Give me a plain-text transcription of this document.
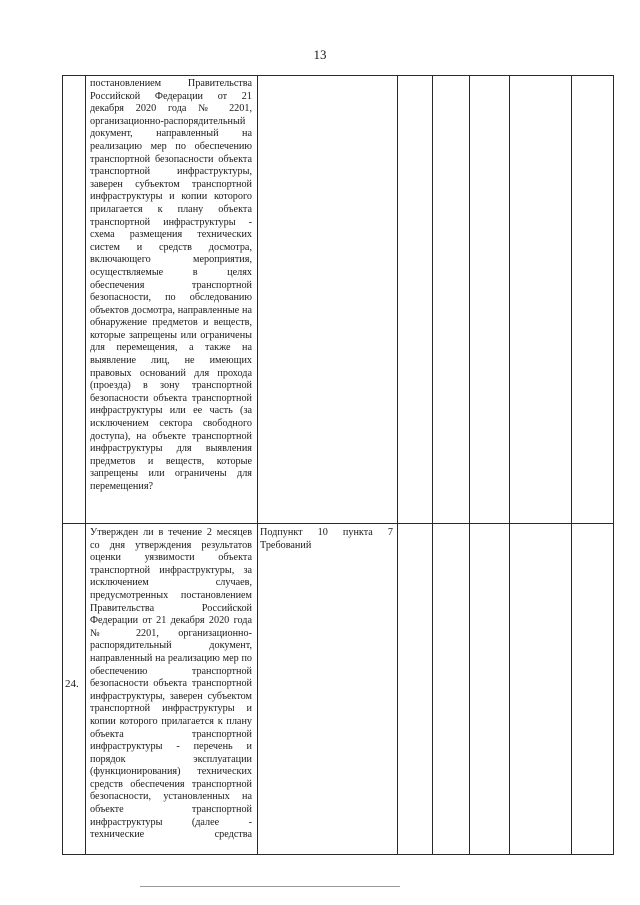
13
постановлением Правительства Российской Федерации от 21 декабря 2020 года № 2201, организационно-распорядительный документ, направленный на реализацию мер по обеспечению транспортной безопасности объекта транспортной инфраструктуры, заверен субъектом транспортной инфраструктуры и копии которого прилагается к плану объекта транспортной инфраструктуры - схема размещения технических систем и средств досмотра, включающего мероприятия, осуществляемые в целях обеспечения транспортной безопасности, по обследованию объектов досмотра, направленные на обнаружение предметов и веществ, которые запрещены или ограничены для перемещения, а также на выявление лиц, не имеющих правовых оснований для прохода (проезда) в зону транспортной безопасности объекта транспортной инфраструктуры или ее часть (за исключением сектора свободного доступа), на объекте транспортной инфраструктуры для выявления предметов и веществ, которые запрещены или ограничены для перемещения?
24.
Утвержден ли в течение 2 месяцев со дня утверждения результатов оценки уязвимости объекта транспортной инфраструктуры, за исключением случаев, предусмотренных постановлением Правительства Российской Федерации от 21 декабря 2020 года № 2201, организационно-распорядительный документ, направленный на реализацию мер по обеспечению транспортной безопасности объекта транспортной инфраструктуры, заверен субъектом транспортной инфраструктуры и копии которого прилагается к плану объекта транспортной инфраструктуры - перечень и порядок эксплуатации (функционирования) технических средств обеспечения транспортной безопасности, установленных на объекте транспортной инфраструктуры (далее - технические средства
Подпункт 10 пункта 7 Требований
